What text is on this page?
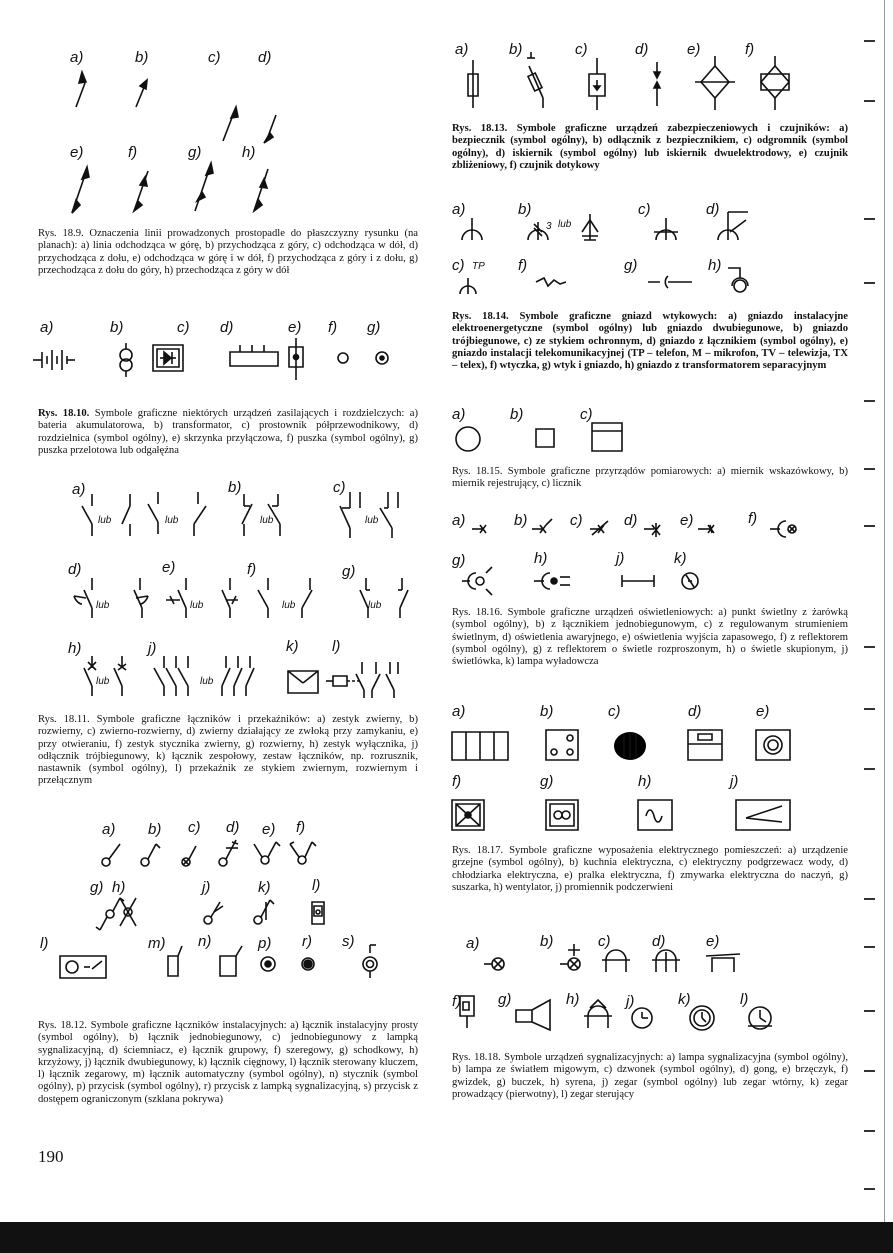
a)	b)	c)	d)
e)	f)	g)	h)
Rys. 18.9. Oznaczenia linii prowadzonych prostopadle do płaszczyzny rysunku (na planach): a) linia odchodząca w górę, b) przychodząca z góry, c) odchodząca w dół, d) przychodząca z dołu, e) odchodząca w górę i w dół, f) przychodząca z góry i z dołu, g) przechodząca z dołu do góry, h) przechodząca z góry w dół
a)	b)	c) d)	e) f) g)
Rys. 18.10. Symbole graficzne niektórych urządzeń zasilających i rozdzielczych: a) bateria akumulatorowa, b) transformator, c) prostownik półprzewodnikowy, d) rozdzielnica (symbol ogólny), e) skrzynka przyłączowa, f) puszka (symbol ogólny), g) puszka przelotowa lub odgałęźna
a)	b)	c)
d)	e)	f)	g)
h)	j)	k) l)
lub	lub	lub	lub
lub	lub	lub	lub
lub	lub
Rys. 18.11. Symbole graficzne łączników i przekaźników: a) zestyk zwierny, b) rozwierny, c) zwierno-rozwierny, d) zwierny działający ze zwłoką przy zamykaniu, e) przy otwieraniu, f) zestyk stycznika zwierny, g) rozwierny, h) zestyk wyłącznika, j) odłącznik trójbiegunowy, k) łącznik zespołowy, zestaw łączników, np. rozrusznik, nastawnik (symbol ogólny), l) przekaźnik ze stykiem zwiernym, rozwiernym i przełącznym
a) b) c) d) e) f)
g) h)	j)	k)	l)
l)	m) n)	p) r) s)
Rys. 18.12. Symbole graficzne łączników instalacyjnych: a) łącznik instalacyjny prosty (symbol ogólny), b) łącznik jednobiegunowy, c) jednobiegunowy z lampką sygnalizacyjną, d) ściemniacz, e) łącznik grupowy, f) szeregowy, g) schodkowy, h) krzyżowy, j) łącznik dwubiegunowy, k) łącznik cięgnowy, l) łącznik sterowany kluczem, l) łącznik zegarowy, m) łącznik automatyczny (symbol ogólny), n) stycznik (symbol ogólny), p) przycisk (symbol ogólny), r) przycisk z lampką sygnalizacyjną, s) przycisk z dostępem ograniczonym (szklana pokrywa)
190
a)	b)	c)	d)	e)	f)
Rys. 18.13. Symbole graficzne urządzeń zabezpieczeniowych i czujników: a) bezpiecznik (symbol ogólny), b) odłącznik z bezpiecznikiem, c) odgromnik (symbol ogólny), d) iskiernik (symbol ogólny) lub iskiernik dwuelektrodowy, e) czujnik zbliżeniowy, f) czujnik dotykowy
a)	b)	c)	d)
c)	f)	g)	h)
3 lub
TP
Rys. 18.14. Symbole graficzne gniazd wtykowych: a) gniazdo instalacyjne elektroenergetyczne (symbol ogólny) lub gniazdo dwubiegunowe, b) gniazdo trójbiegunowe, c) ze stykiem ochronnym, d) gniazdo z łącznikiem (symbol ogólny), e) gniazdo instalacji telekomunikacyjnej (TP – telefon, M – mikrofon, TV – telewizja, TX – telex), f) wtyczka, g) wtyk i gniazdo, h) gniazdo z transformatorem separacyjnym
a)	b)	c)
Rys. 18.15. Symbole graficzne przyrządów pomiarowych: a) miernik wskazówkowy, b) miernik rejestrujący, c) licznik
a)	b)	c)	d)	e)	f)
g)	h)	j)	k)
Rys. 18.16. Symbole graficzne urządzeń oświetleniowych: a) punkt świetlny z żarówką (symbol ogólny), b) z łącznikiem jednobiegunowym, c) z regulowanym strumieniem świetlnym, d) oświetlenia awaryjnego, e) oświetlenia wyjścia zapasowego, f) z reflektorem (symbol ogólny), g) z reflektorem o świetle rozproszonym, h) o świetle skupionym, j) świetlówka, k) lampa wyładowcza
a)	b)	c)	d)	e)
f)	g)	h)	j)
Rys. 18.17. Symbole graficzne wyposażenia elektrycznego pomieszczeń: a) urządzenie grzejne (symbol ogólny), b) kuchnia elektryczna, c) elektryczny podgrzewacz wody, d) chłodziarka elektryczna, e) pralka elektryczna, f) zmywarka elektryczna do naczyń, g) suszarka, h) wentylator, j) promiennik podczerwieni
a)	b)	c)	d)	e)
f) g)	h)	j)	k)	l)
Rys. 18.18. Symbole urządzeń sygnalizacyjnych: a) lampa sygnalizacyjna (symbol ogólny), b) lampa ze światłem migowym, c) dzwonek (symbol ogólny), d) gong, e) brzęczyk, f) gwizdek, g) buczek, h) syrena, j) zegar (symbol ogólny) lub zegar wtórny, k) zegar prowadzący (pierwotny), l) zegar sterujący
